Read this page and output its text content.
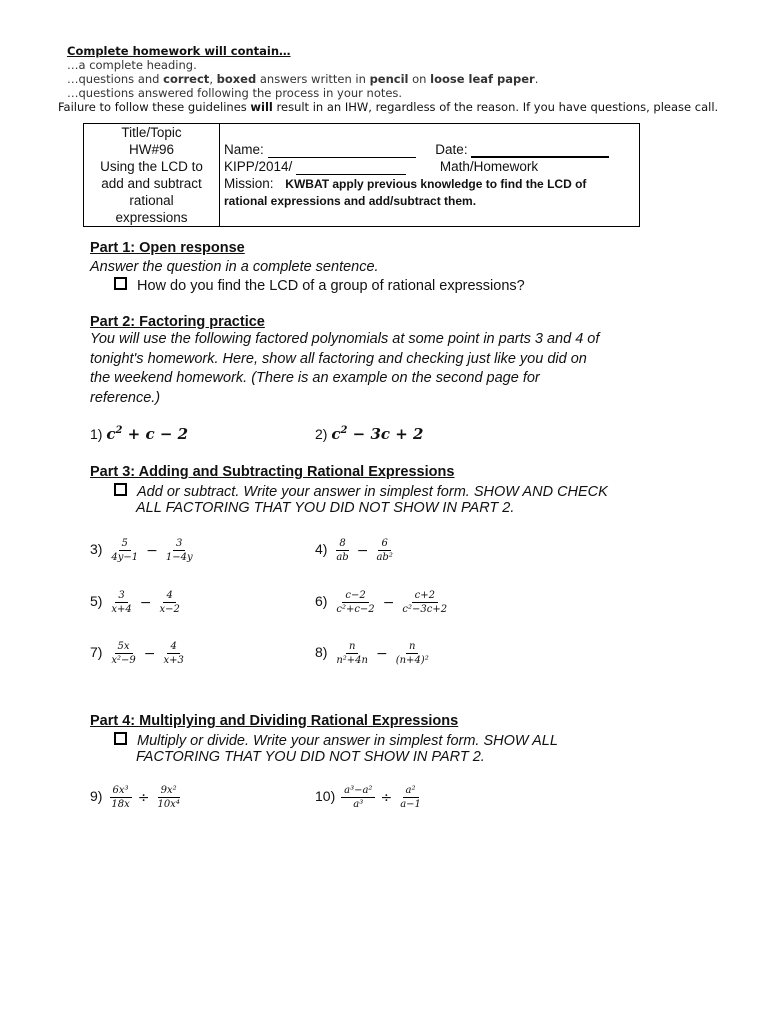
Complete homework will contain…
…a complete heading.
…questions and correct, boxed answers written in pencil on loose leaf paper.
…questions answered following the process in your notes.
Failure to follow these guidelines will result in an IHW, regardless of the reason. If you have questions, please call.
Title/Topic
HW#96
Using the LCD to
add and subtract
rational
expressions

Name:	Date:
KIPP/2014/	Math/Homework
Mission: KWBAT apply previous knowledge to find the LCD of
rational expressions and add/subtract them.
Part 1: Open response
Answer the question in a complete sentence.
How do you find the LCD of a group of rational expressions?
Part 2: Factoring practice
You will use the following factored polynomials at some point in parts 3 and 4 of
tonight's homework. Here, show all factoring and checking just like you did on
the weekend homework. (There is an example on the second page for
reference.)
1) $c^2 + c - 2$	2) $c^2 - 3c + 2$
Part 3: Adding and Subtracting Rational Expressions
Add or subtract. Write your answer in simplest form. SHOW AND CHECK
ALL FACTORING THAT YOU DID NOT SHOW IN PART 2.
$3) \frac{5}{4y-1} - \frac{3}{1-4y}$	$4) \frac{8}{ab} - \frac{6}{\text{ab²}}$
$5) \frac{3}{x+4} - \frac{4}{x-2}$	$6) \frac{c-2}{\text{c²+c−2}} - \frac{c+2}{\text{c²−3c+2}}$
$7) \frac{5x}{\text{x²−9}} - \frac{4}{x+3}$	$8) \frac{n}{\text{n²+4n}} - \frac{n}{\text{(n+4)²}}$
Part 4: Multiplying and Dividing Rational Expressions
Multiply or divide. Write your answer in simplest form. SHOW ALL
FACTORING THAT YOU DID NOT SHOW IN PART 2.
$9) \frac{\text{6x³}}{18x} \div \frac{\text{9x²}}{\text{10x⁴}}$	$10) \frac{\text{a³−a²}}{\text{a³}} \div \frac{\text{a²}}{a-1}$
